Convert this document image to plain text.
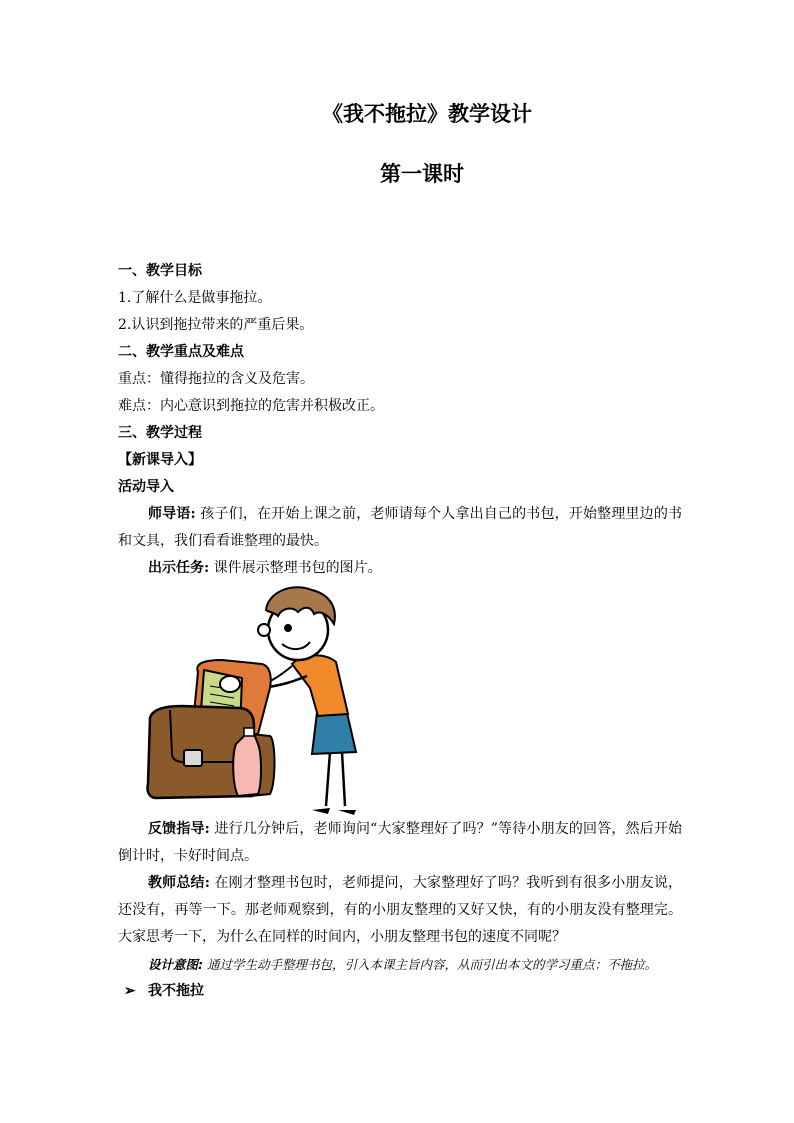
《我不拖拉》教学设计
第一课时

一、教学目标

1.了解什么是做事拖拉。

2.认识到拖拉带来的严重后果。

二、教学重点及难点

重点：懂得拖拉的含义及危害。

难点：内心意识到拖拉的危害并积极改正。

三、教学过程

【新课导入】

活动导入

师导语: 孩子们，在开始上课之前，老师请每个人拿出自己的书包，开始整理里边的书和文具，我们看看谁整理的最快。

出示任务: 课件展示整理书包的图片。

反馈指导: 进行几分钟后，老师询问“大家整理好了吗？”等待小朋友的回答，然后开始倒计时，卡好时间点。

教师总结: 在刚才整理书包时，老师提问，大家整理好了吗？我听到有很多小朋友说，还没有，再等一下。那老师观察到，有的小朋友整理的又好又快，有的小朋友没有整理完。大家思考一下，为什么在同样的时间内，小朋友整理书包的速度不同呢？

设计意图: 通过学生动手整理书包，引入本课主旨内容，从而引出本文的学习重点：不拖拉。

➢ 我不拖拉
